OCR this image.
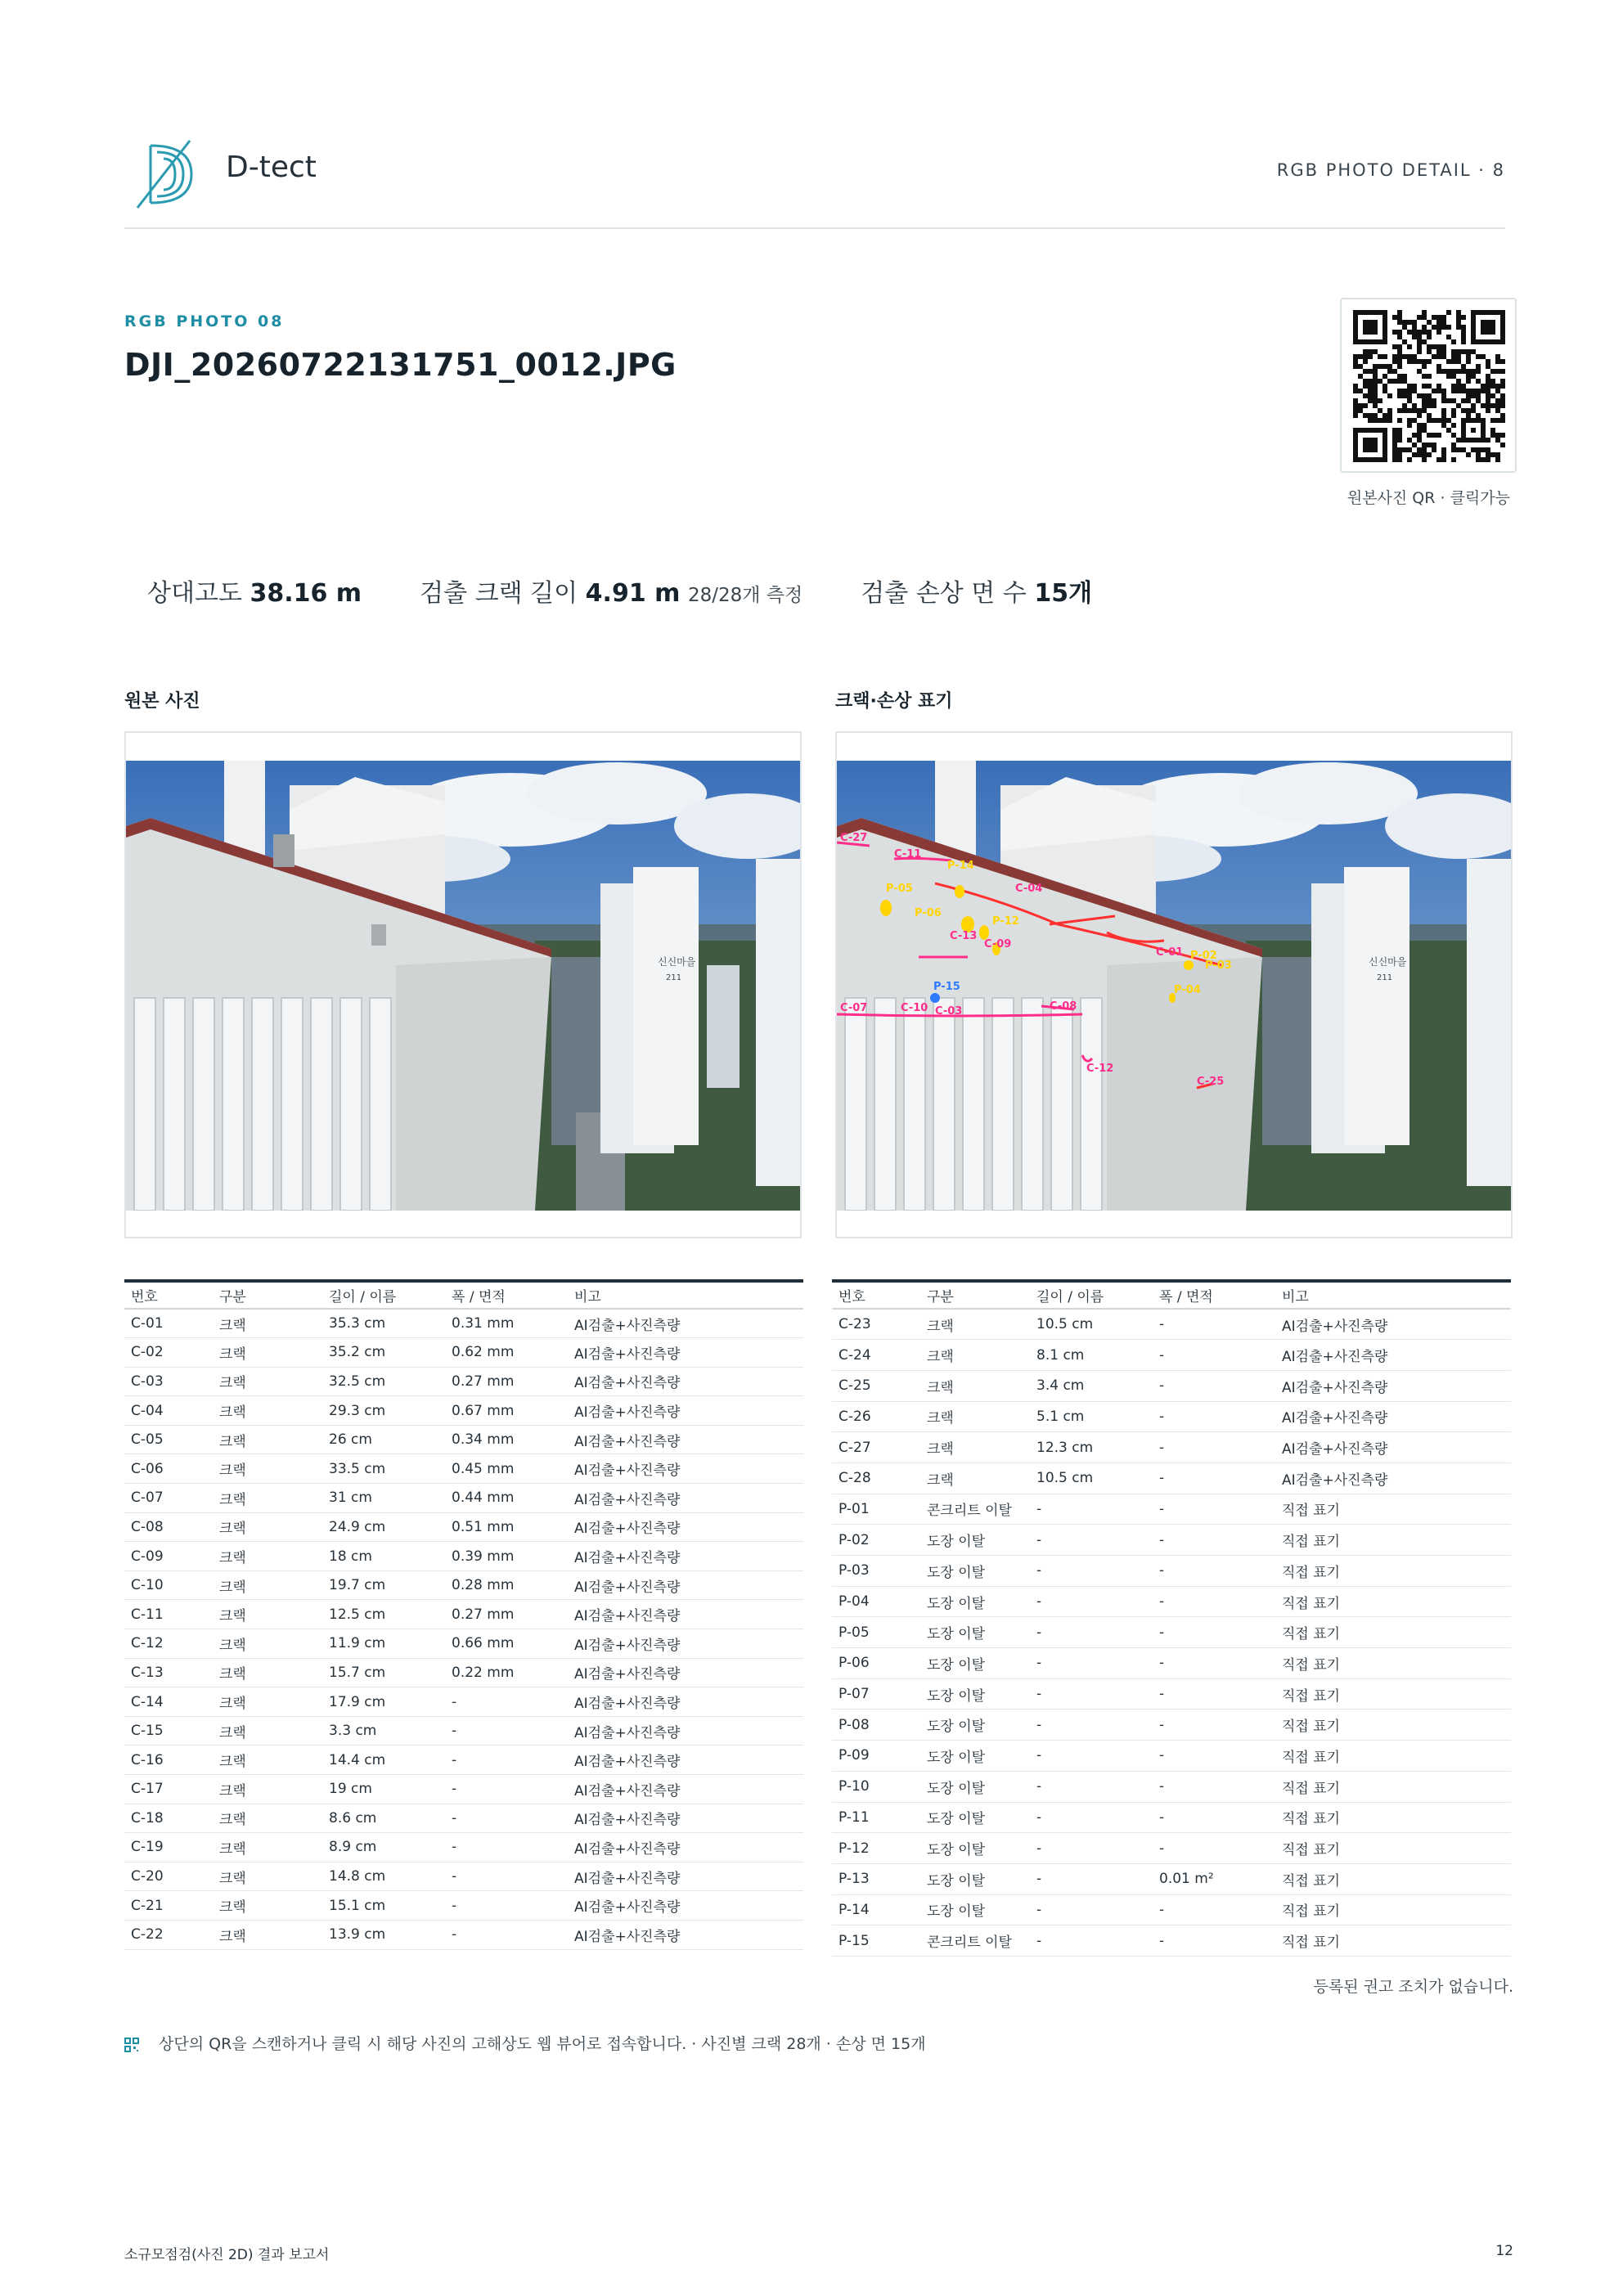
D-tect	RGB PHOTO DETAIL · 8
RGB PHOTO 08
DJI_20260722131751_0012.JPG
원본사진 QR · 클릭가능
상대고도 38.16 m 검출 크랙 길이 4.91 m 28/28개 측정 검출 손상 면 수 15개
원본 사진	크랙·손상 표기
신신마을
211
신신마을
211
C-27
C-11
P-14
P-05
P-06
P-12
C-13
C-09
C-04
P-15
C-07	C-10 C-03	C-08
C-01 P-02
P-03
P-04
C-12
C-25
번호	구분	길이 / 이름	폭 / 면적	비고
C-01	크랙	35.3 cm	0.31 mm	AI검출+사진측량
C-02	크랙	35.2 cm	0.62 mm	AI검출+사진측량
C-03	크랙	32.5 cm	0.27 mm	AI검출+사진측량
C-04	크랙	29.3 cm	0.67 mm	AI검출+사진측량
C-05	크랙	26 cm	0.34 mm	AI검출+사진측량
C-06	크랙	33.5 cm	0.45 mm	AI검출+사진측량
C-07	크랙	31 cm	0.44 mm	AI검출+사진측량
C-08	크랙	24.9 cm	0.51 mm	AI검출+사진측량
C-09	크랙	18 cm	0.39 mm	AI검출+사진측량
C-10	크랙	19.7 cm	0.28 mm	AI검출+사진측량
C-11	크랙	12.5 cm	0.27 mm	AI검출+사진측량
C-12	크랙	11.9 cm	0.66 mm	AI검출+사진측량
C-13	크랙	15.7 cm	0.22 mm	AI검출+사진측량
C-14	크랙	17.9 cm	-	AI검출+사진측량
C-15	크랙	3.3 cm	-	AI검출+사진측량
C-16	크랙	14.4 cm	-	AI검출+사진측량
C-17	크랙	19 cm	-	AI검출+사진측량
C-18	크랙	8.6 cm	-	AI검출+사진측량
C-19	크랙	8.9 cm	-	AI검출+사진측량
C-20	크랙	14.8 cm	-	AI검출+사진측량
C-21	크랙	15.1 cm	-	AI검출+사진측량
C-22	크랙	13.9 cm	-	AI검출+사진측량
번호	구분	길이 / 이름	폭 / 면적	비고
C-23	크랙	10.5 cm	-	AI검출+사진측량
C-24	크랙	8.1 cm	-	AI검출+사진측량
C-25	크랙	3.4 cm	-	AI검출+사진측량
C-26	크랙	5.1 cm	-	AI검출+사진측량
C-27	크랙	12.3 cm	-	AI검출+사진측량
C-28	크랙	10.5 cm	-	AI검출+사진측량
P-01	콘크리트 이탈	-	-	직접 표기
P-02	도장 이탈	-	-	직접 표기
P-03	도장 이탈	-	-	직접 표기
P-04	도장 이탈	-	-	직접 표기
P-05	도장 이탈	-	-	직접 표기
P-06	도장 이탈	-	-	직접 표기
P-07	도장 이탈	-	-	직접 표기
P-08	도장 이탈	-	-	직접 표기
P-09	도장 이탈	-	-	직접 표기
P-10	도장 이탈	-	-	직접 표기
P-11	도장 이탈	-	-	직접 표기
P-12	도장 이탈	-	-	직접 표기
P-13	도장 이탈	-	0.01 m²	직접 표기
P-14	도장 이탈	-	-	직접 표기
P-15	콘크리트 이탈	-	-	직접 표기
등록된 권고 조치가 없습니다.
상단의 QR을 스캔하거나 클릭 시 해당 사진의 고해상도 웹 뷰어로 접속합니다. · 사진별 크랙 28개 · 손상 면 15개
소규모점검(사진 2D) 결과 보고서	12
